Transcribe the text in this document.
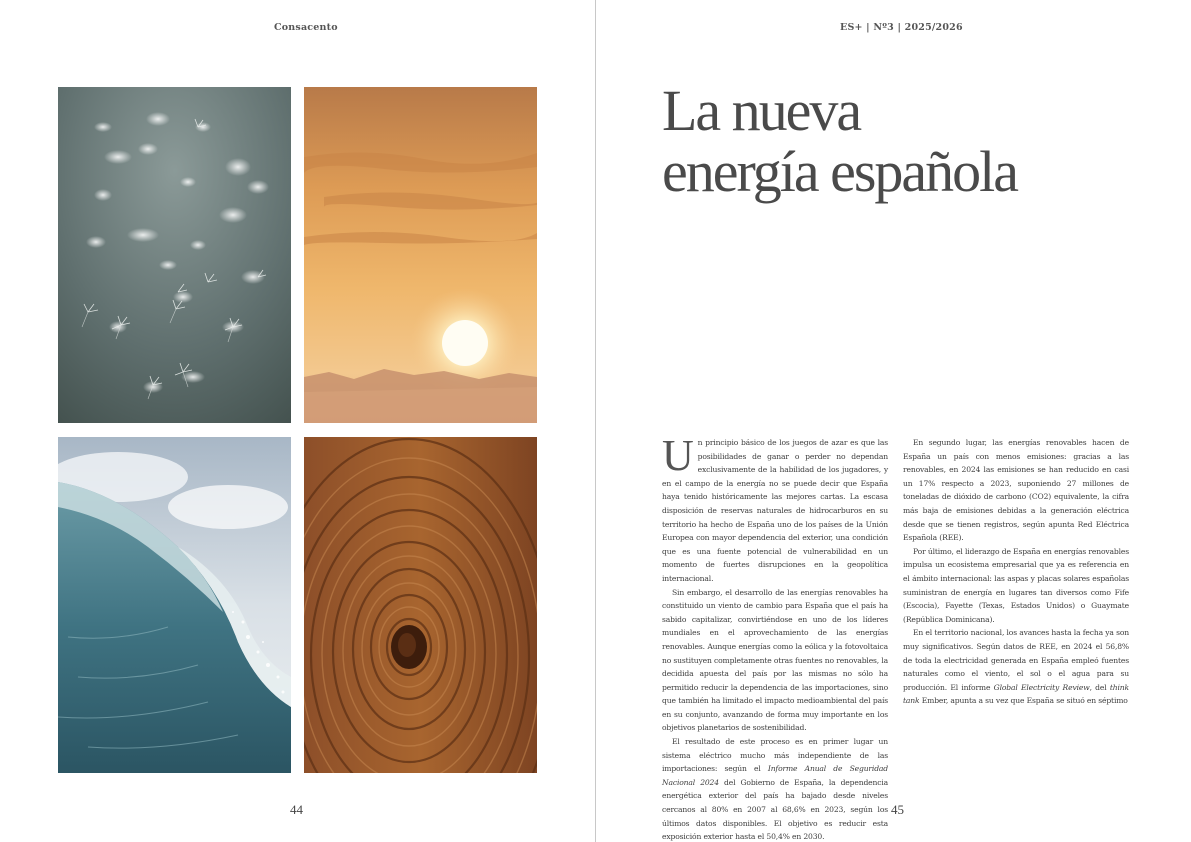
Consacento
44
ES+ | Nº3 | 2025/2026
La nueva
energía española

Un principio básico de los juegos de azar es que las posibilidades de ganar o perder no dependan exclusivamente de la habilidad de los jugadores, y en el campo de la energía no se puede decir que España haya tenido históricamente las mejores cartas. La escasa disposición de reservas naturales de hidrocarburos en su territorio ha hecho de España uno de los países de la Unión Europea con mayor dependencia del exterior, una condición que es una fuente potencial de vulnerabilidad en un momento de fuertes disrupciones en la geopolítica internacional.

Sin embargo, el desarrollo de las energías renovables ha constituido un viento de cambio para España que el país ha sabido capitalizar, convirtiéndose en uno de los líderes mundiales en el aprovechamiento de las energías renovables. Aunque energías como la eólica y la fotovoltaica no sustituyen completamente otras fuentes no renovables, la decidida apuesta del país por las mismas no sólo ha permitido reducir la dependencia de las importaciones, sino que también ha limitado el impacto medioambiental del país en su conjunto, avanzando de forma muy importante en los objetivos planetarios de sostenibilidad.

El resultado de este proceso es en primer lugar un sistema eléctrico mucho más independiente de las importaciones: según el Informe Anual de Seguridad Nacional 2024 del Gobierno de España, la dependencia energética exterior del país ha bajado desde niveles cercanos al 80% en 2007 al 68,6% en 2023, según los últimos datos disponibles. El objetivo es reducir esta exposición exterior hasta el 50,4% en 2030.

En segundo lugar, las energías renovables hacen de España un país con menos emisiones: gracias a las renovables, en 2024 las emisiones se han reducido en casi un 17% respecto a 2023, suponiendo 27 millones de toneladas de dióxido de carbono (CO2) equivalente, la cifra más baja de emisiones debidas a la generación eléctrica desde que se tienen registros, según apunta Red Eléctrica Española (REE).

Por último, el liderazgo de España en energías renovables impulsa un ecosistema empresarial que ya es referencia en el ámbito internacional: las aspas y placas solares españolas suministran de energía en lugares tan diversos como Fife (Escocia), Fayette (Texas, Estados Unidos) o Guaymate (República Dominicana).

En el territorio nacional, los avances hasta la fecha ya son muy significativos. Según datos de REE, en 2024 el 56,8% de toda la electricidad generada en España empleó fuentes naturales como el viento, el sol o el agua para su producción. El informe Global Electricity Review, del think tank Ember, apunta a su vez que España se situó en séptimo

45
